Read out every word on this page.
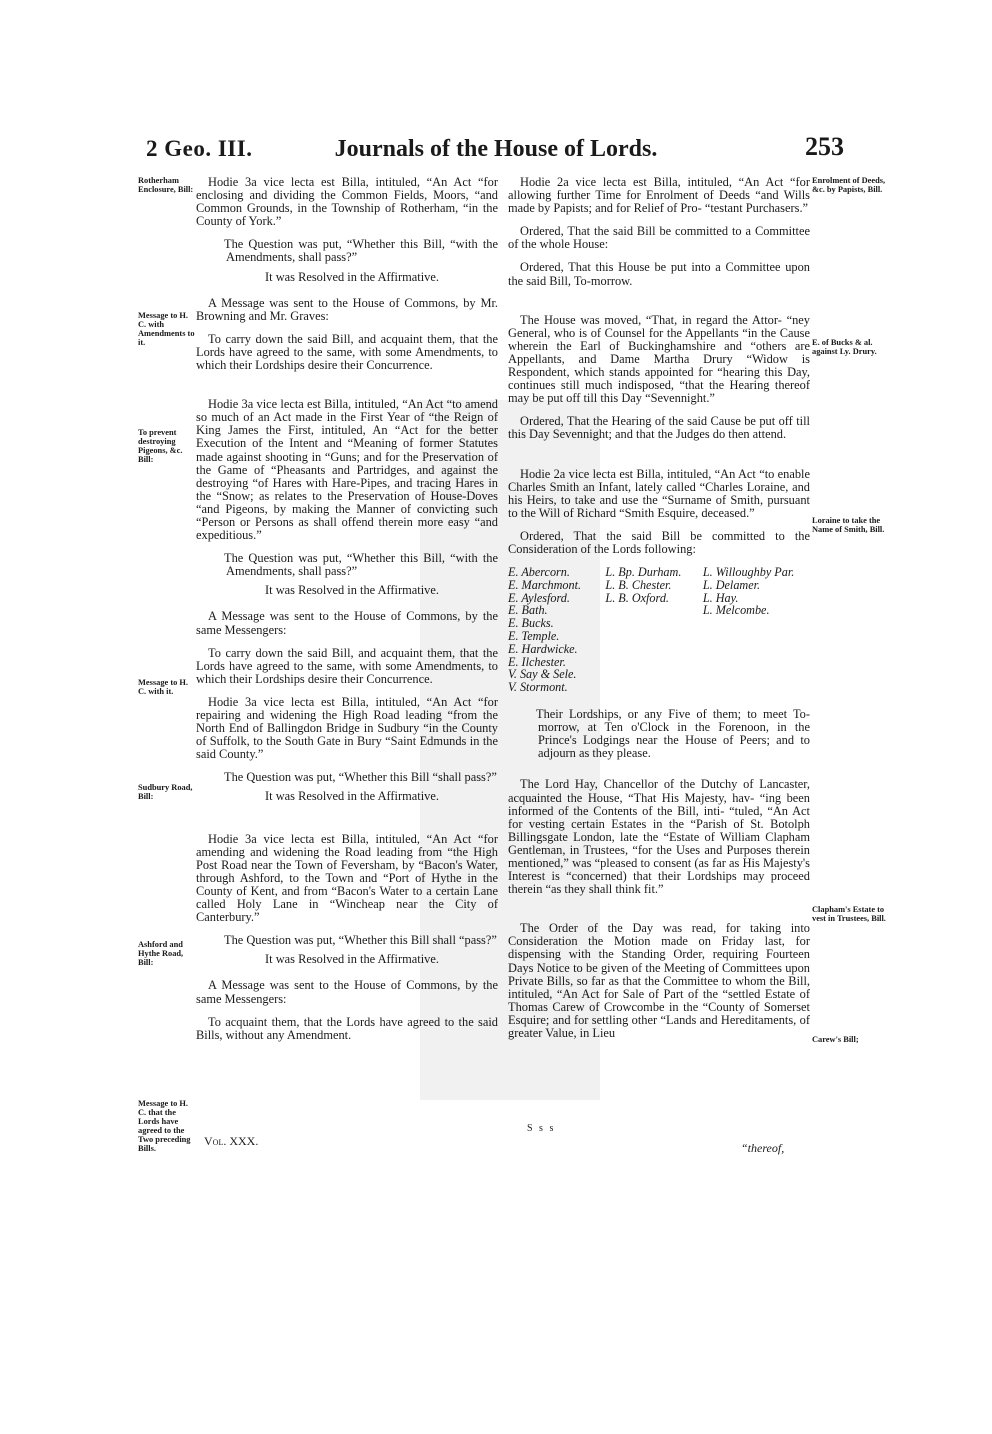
2 Geo. III.	Journals of the House of Lords.	253
Rotherham Enclosure, Bill:
Message to H. C. with Amendments to it.
To prevent destroying Pigeons, &c. Bill:
Message to H. C. with it.
Sudbury Road, Bill:
Ashford and Hythe Road, Bill:
Message to H. C. that the Lords have agreed to the Two preceding Bills.
Enrolment of Deeds, &c. by Papists, Bill.
E. of Bucks & al. against Ly. Drury.
Loraine to take the Name of Smith, Bill.
Clapham's Estate to vest in Trustees, Bill.
Carew's Bill;

Hodie 3a vice lecta est Billa, intituled, “An Act “for enclosing and dividing the Common Fields, Moors, “and Common Grounds, in the Township of Rotherham, “in the County of York.”

The Question was put, “Whether this Bill, “with the Amendments, shall pass?”

It was Resolved in the Affirmative.

A Message was sent to the House of Commons, by Mr. Browning and Mr. Graves:

To carry down the said Bill, and acquaint them, that the Lords have agreed to the same, with some Amendments, to which their Lordships desire their Concurrence.

Hodie 3a vice lecta est Billa, intituled, “An Act “to amend so much of an Act made in the First Year of “the Reign of King James the First, intituled, An “Act for the better Execution of the Intent and “Meaning of former Statutes made against shooting in “Guns; and for the Preservation of the Game of “Pheasants and Partridges, and against the destroying “of Hares with Hare-Pipes, and tracing Hares in the “Snow; as relates to the Preservation of House-Doves “and Pigeons, by making the Manner of convicting such “Person or Persons as shall offend therein more easy “and expeditious.”

The Question was put, “Whether this Bill, “with the Amendments, shall pass?”

It was Resolved in the Affirmative.

A Message was sent to the House of Commons, by the same Messengers:

To carry down the said Bill, and acquaint them, that the Lords have agreed to the same, with some Amendments, to which their Lordships desire their Concurrence.

Hodie 3a vice lecta est Billa, intituled, “An Act “for repairing and widening the High Road leading “from the North End of Ballingdon Bridge in Sudbury “in the County of Suffolk, to the South Gate in Bury “Saint Edmunds in the said County.”

The Question was put, “Whether this Bill “shall pass?”

It was Resolved in the Affirmative.

Hodie 3a vice lecta est Billa, intituled, “An Act “for amending and widening the Road leading from “the High Post Road near the Town of Feversham, by “Bacon's Water, through Ashford, to the Town and “Port of Hythe in the County of Kent, and from “Bacon's Water to a certain Lane called Holy Lane in “Wincheap near the City of Canterbury.”

The Question was put, “Whether this Bill shall “pass?”

It was Resolved in the Affirmative.

A Message was sent to the House of Commons, by the same Messengers:

To acquaint them, that the Lords have agreed to the said Bills, without any Amendment.

Hodie 2a vice lecta est Billa, intituled, “An Act “for allowing further Time for Enrolment of Deeds “and Wills made by Papists; and for Relief of Pro- “testant Purchasers.”

Ordered, That the said Bill be committed to a Committee of the whole House:

Ordered, That this House be put into a Committee upon the said Bill, To-morrow.

The House was moved, “That, in regard the Attor- “ney General, who is of Counsel for the Appellants “in the Cause wherein the Earl of Buckinghamshire and “others are Appellants, and Dame Martha Drury “Widow is Respondent, which stands appointed for “hearing this Day, continues still much indisposed, “that the Hearing thereof may be put off till this Day “Sevennight.”

Ordered, That the Hearing of the said Cause be put off till this Day Sevennight; and that the Judges do then attend.

Hodie 2a vice lecta est Billa, intituled, “An Act “to enable Charles Smith an Infant, lately called “Charles Loraine, and his Heirs, to take and use the “Surname of Smith, pursuant to the Will of Richard “Smith Esquire, deceased.”

Ordered, That the said Bill be committed to the Consideration of the Lords following:

E. Abercorn.
E. Marchmont.
E. Aylesford.
E. Bath.
E. Bucks.
E. Temple.
E. Hardwicke.
E. Ilchester.
V. Say & Sele.
V. Stormont.
L. Bp. Durham.
L. B. Chester.
L. B. Oxford.
L. Willoughby Par.
L. Delamer.
L. Hay.
L. Melcombe.

Their Lordships, or any Five of them; to meet To-morrow, at Ten o'Clock in the Forenoon, in the Prince's Lodgings near the House of Peers; and to adjourn as they please.

The Lord Hay, Chancellor of the Dutchy of Lancaster, acquainted the House, “That His Majesty, hav- “ing been informed of the Contents of the Bill, inti- “tuled, “An Act for vesting certain Estates in the “Parish of St. Botolph Billingsgate London, late the “Estate of William Clapham Gentleman, in Trustees, “for the Uses and Purposes therein mentioned,” was “pleased to consent (as far as His Majesty's Interest is “concerned) that their Lordships may proceed therein “as they shall think fit.”

The Order of the Day was read, for taking into Consideration the Motion made on Friday last, for dispensing with the Standing Order, requiring Fourteen Days Notice to be given of the Meeting of Committees upon Private Bills, so far as that the Committee to whom the Bill, intituled, “An Act for Sale of Part of the “settled Estate of Thomas Carew of Crowcombe in the “County of Somerset Esquire; and for settling other “Lands and Hereditaments, of greater Value, in Lieu

Vol. XXX.
S s s
“thereof,
